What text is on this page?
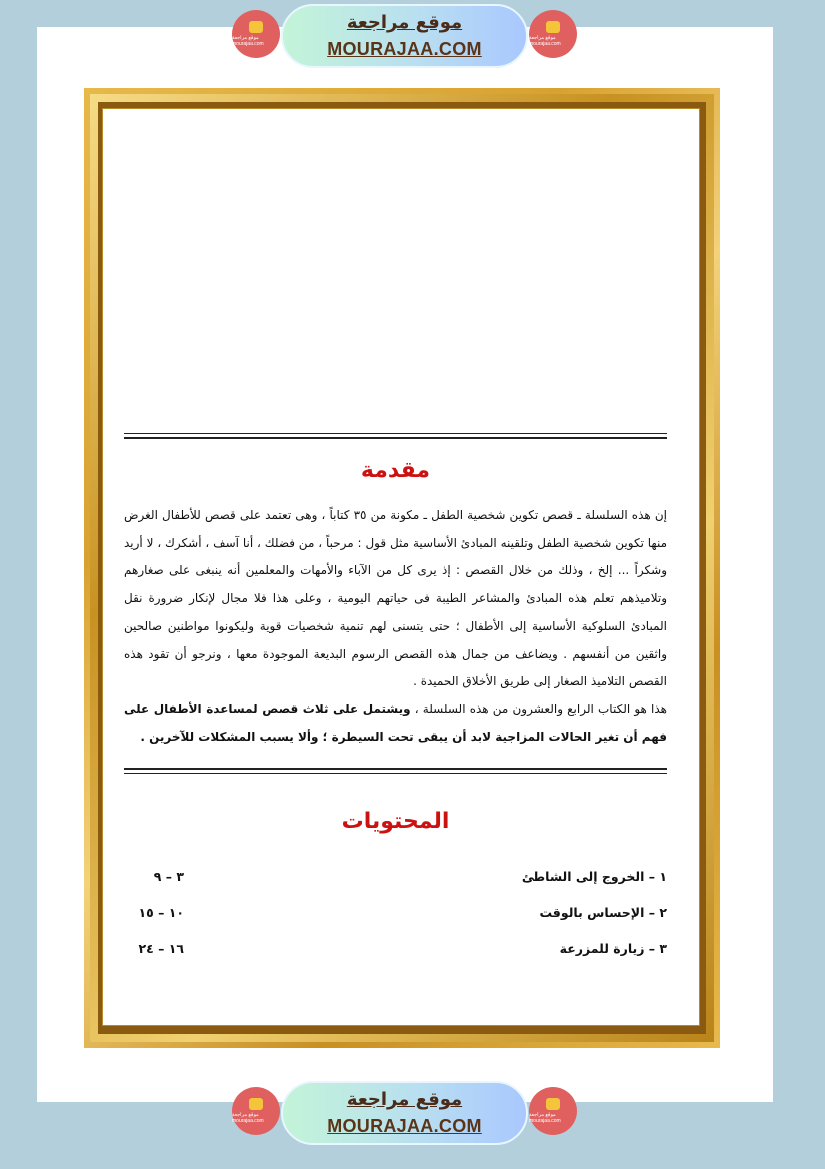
موقع مراجعة mourajaa.com
موقع مراجعة
MOURAJAA.COM
موقع مراجعة mourajaa.com
مقدمة
إن هذه السلسلة ـ قصص تكوين شخصية الطفل ـ مكونة من ٣٥ كتاباً ، وهى تعتمد على قصص للأطفال الغرض منها تكوين شخصية الطفل وتلقينه المبادئ الأساسية مثل قول : مرحباً ، من فضلك ، أنا آسف ، أشكرك ، لا أريد وشكراً ... إلخ ، وذلك من خلال القصص : إذ يرى كل من الآباء والأمهات والمعلمين أنه ينبغى على صغارهم وتلاميذهم تعلم هذه المبادئ والمشاعر الطيبة فى حياتهم اليومية ، وعلى هذا فلا مجال لإنكار ضرورة نقل المبادئ السلوكية الأساسية إلى الأطفال ؛ حتى يتسنى لهم تنمية شخصيات قوية وليكونوا مواطنين صالحين واثقين من أنفسهم . ويضاعف من جمال هذه القصص الرسوم البديعة الموجودة معها ، ونرجو أن تقود هذه القصص التلاميذ الصغار إلى طريق الأخلاق الحميدة .
هذا هو الكتاب الرابع والعشرون من هذه السلسلة ، ويشتمل على ثلاث قصص لمساعدة الأطفال على فهم أن تغير الحالات المزاجية لابد أن يبقى تحت السيطرة ؛ وألا يسبب المشكلات للآخرين .
المحتويات
١ – الخروج إلى الشاطئ
٣ – ٩
٢ – الإحساس بالوقت
١٠ – ١٥
٣ – زيارة للمزرعة
١٦ – ٢٤
موقع مراجعة mourajaa.com
موقع مراجعة
MOURAJAA.COM
موقع مراجعة mourajaa.com
